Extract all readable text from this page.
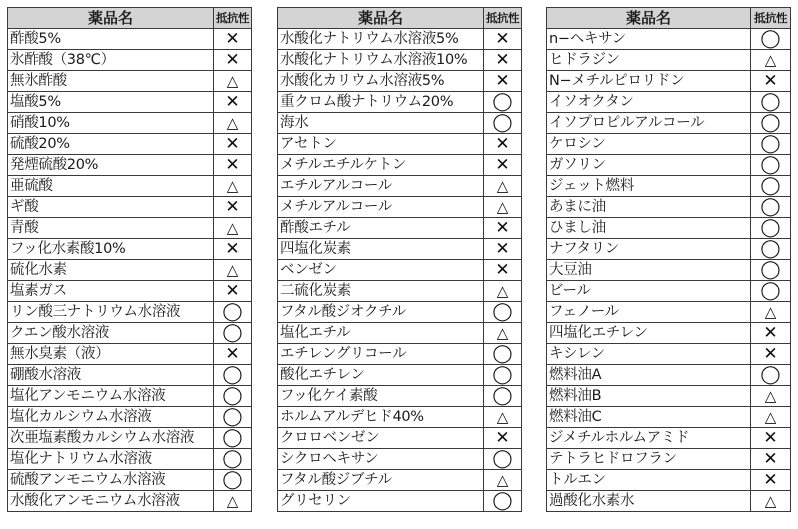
薬品名	抵抗性
酢酸5%	✕
氷酢酸（38℃）	✕
無氷酢酸	△
塩酸5%	✕
硝酸10%	△
硫酸20%	✕
発煙硫酸20%	✕
亜硫酸	△
ギ酸	✕
青酸	△
フッ化水素酸10%	✕
硫化水素	△
塩素ガス	✕
リン酸三ナトリウム水溶液	◯
クエン酸水溶液	◯
無水臭素（液）	✕
硼酸水溶液	◯
塩化アンモニウム水溶液	◯
塩化カルシウム水溶液	◯
次亜塩素酸カルシウム水溶液	◯
塩化ナトリウム水溶液	◯
硫酸アンモニウム水溶液	◯
水酸化アンモニウム水溶液	△
薬品名	抵抗性
水酸化ナトリウム水溶液5%	✕
水酸化ナトリウム水溶液10%	✕
水酸化カリウム水溶液5%	✕
重クロム酸ナトリウム20%	◯
海水	◯
アセトン	✕
メチルエチルケトン	✕
エチルアルコール	△
メチルアルコール	△
酢酸エチル	✕
四塩化炭素	✕
ベンゼン	✕
二硫化炭素	△
フタル酸ジオクチル	◯
塩化エチル	△
エチレングリコール	◯
酸化エチレン	◯
フッ化ケイ素酸	◯
ホルムアルデヒド40%	△
クロロベンゼン	✕
シクロヘキサン	◯
フタル酸ジブチル	△
グリセリン	◯
薬品名	抵抗性
n−ヘキサン	◯
ヒドラジン	△
N−メチルピロリドン	✕
イソオクタン	◯
イソプロピルアルコール	◯
ケロシン	◯
ガソリン	◯
ジェット燃料	◯
あまに油	◯
ひまし油	◯
ナフタリン	◯
大豆油	◯
ビール	◯
フェノール	△
四塩化エチレン	✕
キシレン	✕
燃料油A	◯
燃料油B	△
燃料油C	△
ジメチルホルムアミド	✕
テトラヒドロフラン	✕
トルエン	✕
過酸化水素水	△
